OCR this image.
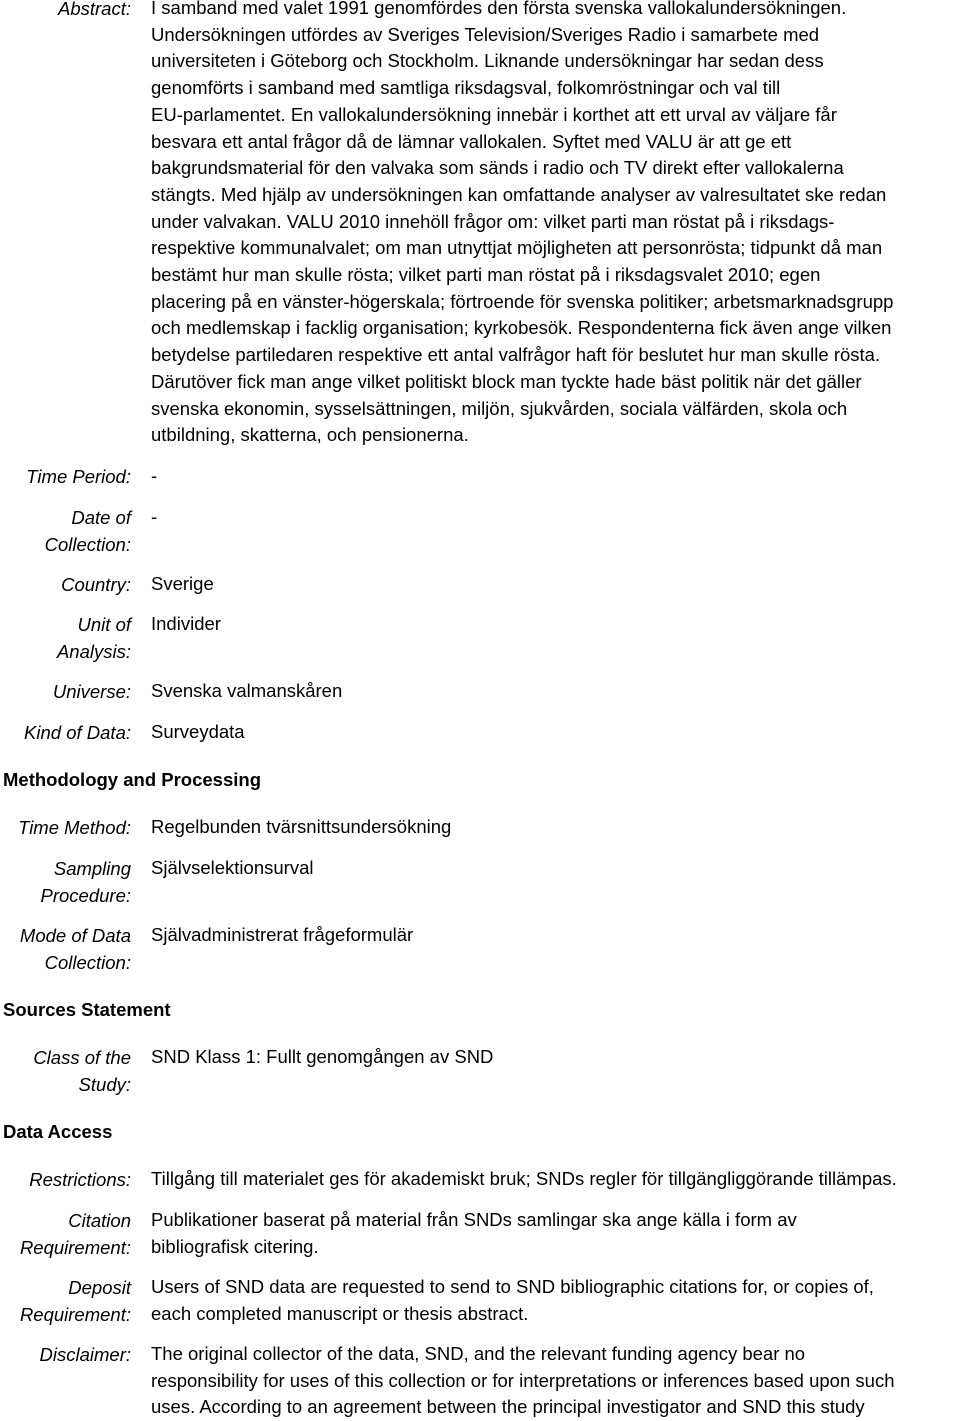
Abstract: I samband med valet 1991 genomfördes den första svenska vallokalundersökningen.
Undersökningen utfördes av Sveriges Television/Sveriges Radio i samarbete med
universiteten i Göteborg och Stockholm. Liknande undersökningar har sedan dess
genomförts i samband med samtliga riksdagsval, folkomröstningar och val till
EU-parlamentet. En vallokalundersökning innebär i korthet att ett urval av väljare får
besvara ett antal frågor då de lämnar vallokalen. Syftet med VALU är att ge ett
bakgrundsmaterial för den valvaka som sänds i radio och TV direkt efter vallokalerna
stängts. Med hjälp av undersökningen kan omfattande analyser av valresultatet ske redan
under valvakan. VALU 2010 innehöll frågor om: vilket parti man röstat på i riksdags-
respektive kommunalvalet; om man utnyttjat möjligheten att personrösta; tidpunkt då man
bestämt hur man skulle rösta; vilket parti man röstat på i riksdagsvalet 2010; egen
placering på en vänster-högerskala; förtroende för svenska politiker; arbetsmarknadsgrupp
och medlemskap i facklig organisation; kyrkobesök. Respondenterna fick även ange vilken
betydelse partiledaren respektive ett antal valfrågor haft för beslutet hur man skulle rösta.
Därutöver fick man ange vilket politiskt block man tyckte hade bäst politik när det gäller
svenska ekonomin, sysselsättningen, miljön, sjukvården, sociala välfärden, skola och
utbildning, skatterna, och pensionerna.
Time Period: -
Date of
Collection:
-
Country: Sverige
Unit of
Analysis:
Individer
Universe: Svenska valmanskåren
Kind of Data: Surveydata
Methodology and Processing
Time Method: Regelbunden tvärsnittsundersökning
Sampling
Procedure:
Självselektionsurval
Mode of Data
Collection:
Självadministrerat frågeformulär
Sources Statement
Class of the
Study:
SND Klass 1: Fullt genomgången av SND
Data Access
Restrictions: Tillgång till materialet ges för akademiskt bruk; SNDs regler för tillgängliggörande tillämpas.
Citation
Requirement:
Publikationer baserat på material från SNDs samlingar ska ange källa i form av
bibliografisk citering.
Deposit
Requirement:
Users of SND data are requested to send to SND bibliographic citations for, or copies of,
each completed manuscript or thesis abstract.
Disclaimer: The original collector of the data, SND, and the relevant funding agency bear no
responsibility for uses of this collection or for interpretations or inferences based upon such
uses. According to an agreement between the principal investigator and SND this study
